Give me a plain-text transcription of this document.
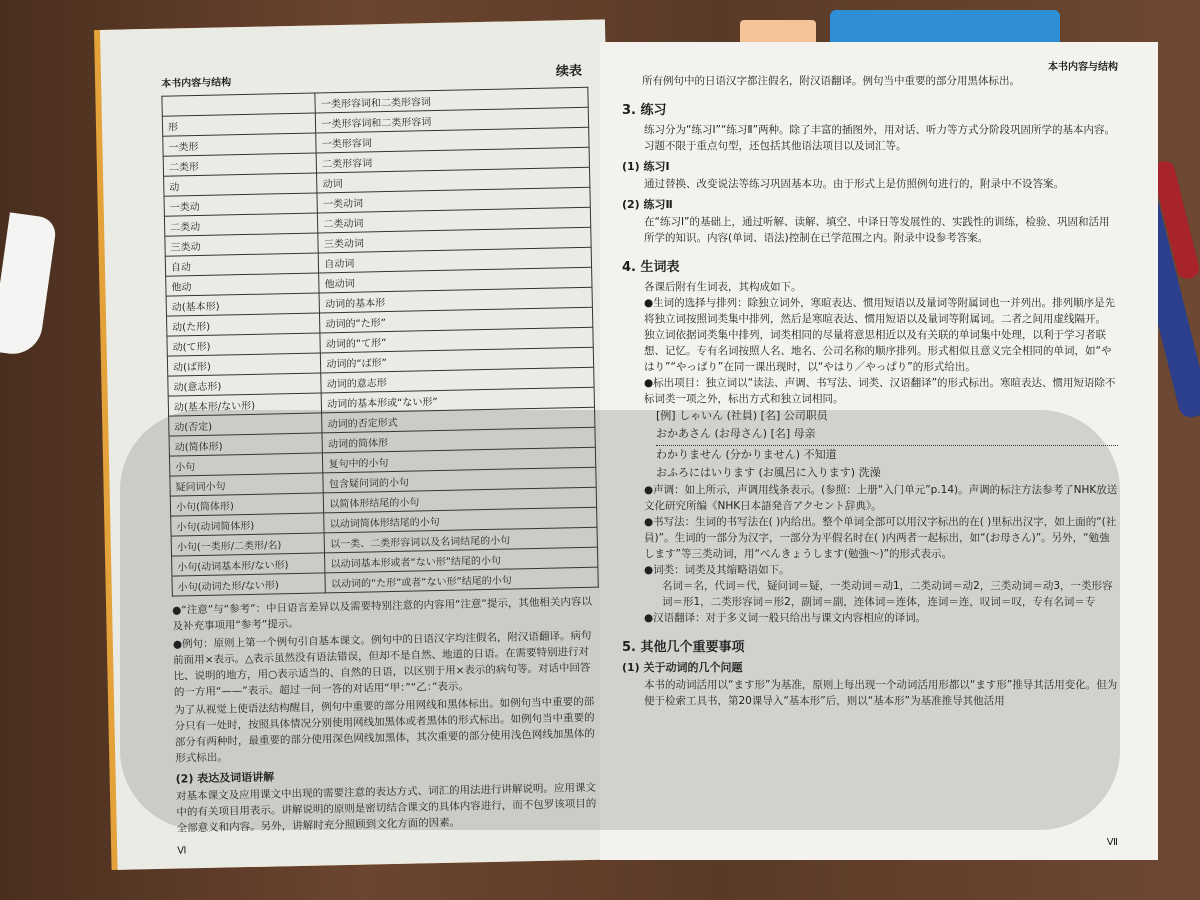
本书内容与结构
续表
	一类形容词和二类形容词
形	一类形容词和二类形容词
一类形	一类形容词
二类形	二类形容词
动	动词
一类动	一类动词
二类动	二类动词
三类动	三类动词
自动	自动词
他动	他动词
动(基本形)	动词的基本形
动(た形)	动词的“た形”
动(て形)	动词的“て形”
动(ば形)	动词的“ば形”
动(意志形)	动词的意志形
动(基本形/ない形)	动词的基本形或“ない形”
动(否定)	动词的否定形式
动(简体形)	动词的简体形
小句	复句中的小句
疑问词小句	包含疑问词的小句
小句(简体形)	以简体形结尾的小句
小句(动词简体形)	以动词简体形结尾的小句
小句(一类形/二类形/名)	以一类、二类形容词以及名词结尾的小句
小句(动词基本形/ない形)	以动词基本形或者“ない形”结尾的小句
小句(动词た形/ない形)	以动词的“た形”或者“ない形”结尾的小句

●“注意”与“参考”：中日语言差异以及需要特别注意的内容用“注意”提示，其他相关内容以及补充事项用“参考”提示。

●例句：原则上第一个例句引自基本课文。例句中的日语汉字均注假名，附汉语翻译。病句前面用×表示。△表示虽然没有语法错误，但却不是自然、地道的日语。在需要特别进行对比、说明的地方，用○表示适当的、自然的日语，以区别于用×表示的病句等。对话中回答的一方用“——”表示。超过一问一答的对话用“甲：”“乙：”表示。

为了从视觉上使语法结构醒目，例句中重要的部分用网线和黑体标出。如例句当中重要的部分只有一处时，按照具体情况分别使用网线加黑体或者黑体的形式标出。如例句当中重要的部分有两种时，最重要的部分使用深色网线加黑体，其次重要的部分使用浅色网线加黑体的形式标出。

(2) 表达及词语讲解
对基本课文及应用课文中出现的需要注意的表达方式、词汇的用法进行讲解说明。应用课文中的有关项目用表示。讲解说明的原则是密切结合课文的具体内容进行，而不包罗该项目的全部意义和内容。另外，讲解时充分照顾到文化方面的因素。
Ⅵ
本书内容与结构
所有例句中的日语汉字都注假名，附汉语翻译。例句当中重要的部分用黑体标出。
3. 练习
练习分为“练习Ⅰ”“练习Ⅱ”两种。除了丰富的插图外，用对话、听力等方式分阶段巩固所学的基本内容。习题不限于重点句型，还包括其他语法项目以及词汇等。
(1) 练习Ⅰ
通过替换、改变说法等练习巩固基本功。由于形式上是仿照例句进行的，附录中不设答案。
(2) 练习Ⅱ
在“练习Ⅰ”的基础上，通过听解、读解、填空、中译日等发展性的、实践性的训练，检验、巩固和活用所学的知识。内容(单词、语法)控制在已学范围之内。附录中设参考答案。
4. 生词表
各课后附有生词表，其构成如下。
●生词的选择与排列：除独立词外，寒暄表达、惯用短语以及量词等附属词也一并列出。排列顺序是先将独立词按照词类集中排列，然后是寒暄表达、惯用短语以及量词等附属词。二者之间用虚线隔开。
独立词依据词类集中排列，词类相同的尽量将意思相近以及有关联的单词集中处理，以利于学习者联想、记忆。专有名词按照人名、地名、公司名称的顺序排列。形式相似且意义完全相同的单词，如“やはり”“やっぱり”在同一课出现时，以“やはり／やっぱり”的形式给出。
●标出项目：独立词以“读法、声调、书写法、词类、汉语翻译”的形式标出。寒暄表达、惯用短语除不标词类一项之外，标出方式和独立词相同。
[例] しゃいん (社員) [名] 公司职员
おかあさん (お母さん) [名] 母亲
わかりません (分かりません) 不知道
おふろにはいります (お風呂に入ります) 洗澡
●声调：如上所示，声调用线条表示。(参照：上册“入门单元”p.14)。声调的标注方法参考了NHK放送文化研究所编《NHK日本語発音アクセント辞典》。
●书写法：生词的书写法在( )内给出。整个单词全部可以用汉字标出的在( )里标出汉字，如上面的“(社員)”。生词的一部分为汉字，一部分为平假名时在( )内两者一起标出，如“(お母さん)”。另外，“勉強します”等三类动词，用“べんきょうします(勉強～)”的形式表示。
●词类：词类及其缩略语如下。
名词＝名，代词＝代，疑问词＝疑，一类动词＝动1，二类动词＝动2，三类动词＝动3，一类形容词＝形1，二类形容词＝形2，副词＝副，连体词＝连体，连词＝连，叹词＝叹，专有名词＝专
●汉语翻译：对于多义词一般只给出与课文内容相应的译词。
5. 其他几个重要事项
(1) 关于动词的几个问题
本书的动词活用以“ます形”为基准，原则上每出现一个动词活用形都以“ます形”推导其活用变化。但为便于检索工具书，第20课导入“基本形”后，则以“基本形”为基准推导其他活用
Ⅶ
